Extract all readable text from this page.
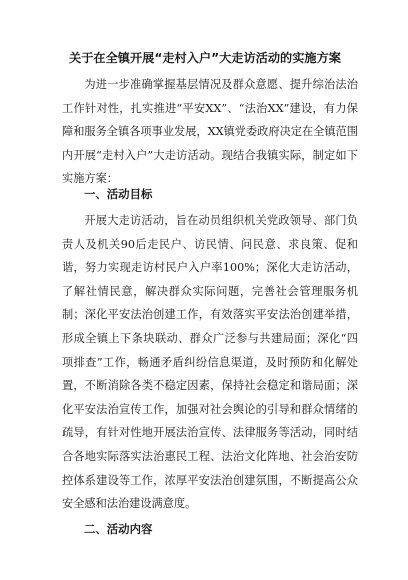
关于在全镇开展“走村入户”大走访活动的实施方案

为进一步准确掌握基层情况及群众意愿、提升综治法治工作针对性，扎实推进“平安XX”、“法治XX”建设，有力保障和服务全镇各项事业发展，XX镇党委政府决定在全镇范围内开展“走村入户”大走访活动。现结合我镇实际，制定如下实施方案：

一、活动目标

开展大走访活动，旨在动员组织机关党政领导、部门负责人及机关90后走民户、访民情、问民意、求良策、促和谐，努力实现走访村民户入户率100%；深化大走访活动，了解社情民意，解决群众实际问题，完善社会管理服务机制；深化平安法治创建工作，有效落实平安法治创建举措，形成全镇上下条块联动、群众广泛参与共建局面；深化“四项排查”工作，畅通矛盾纠纷信息渠道，及时预防和化解处置，不断消除各类不稳定因素，保持社会稳定和谐局面；深化平安法治宣传工作，加强对社会舆论的引导和群众情绪的疏导，有针对性地开展法治宣传、法律服务等活动，同时结合各地实际落实法治惠民工程、法治文化阵地、社会治安防控体系建设等工作，浓厚平安法治创建氛围，不断提高公众安全感和法治建设满意度。

二、活动内容
